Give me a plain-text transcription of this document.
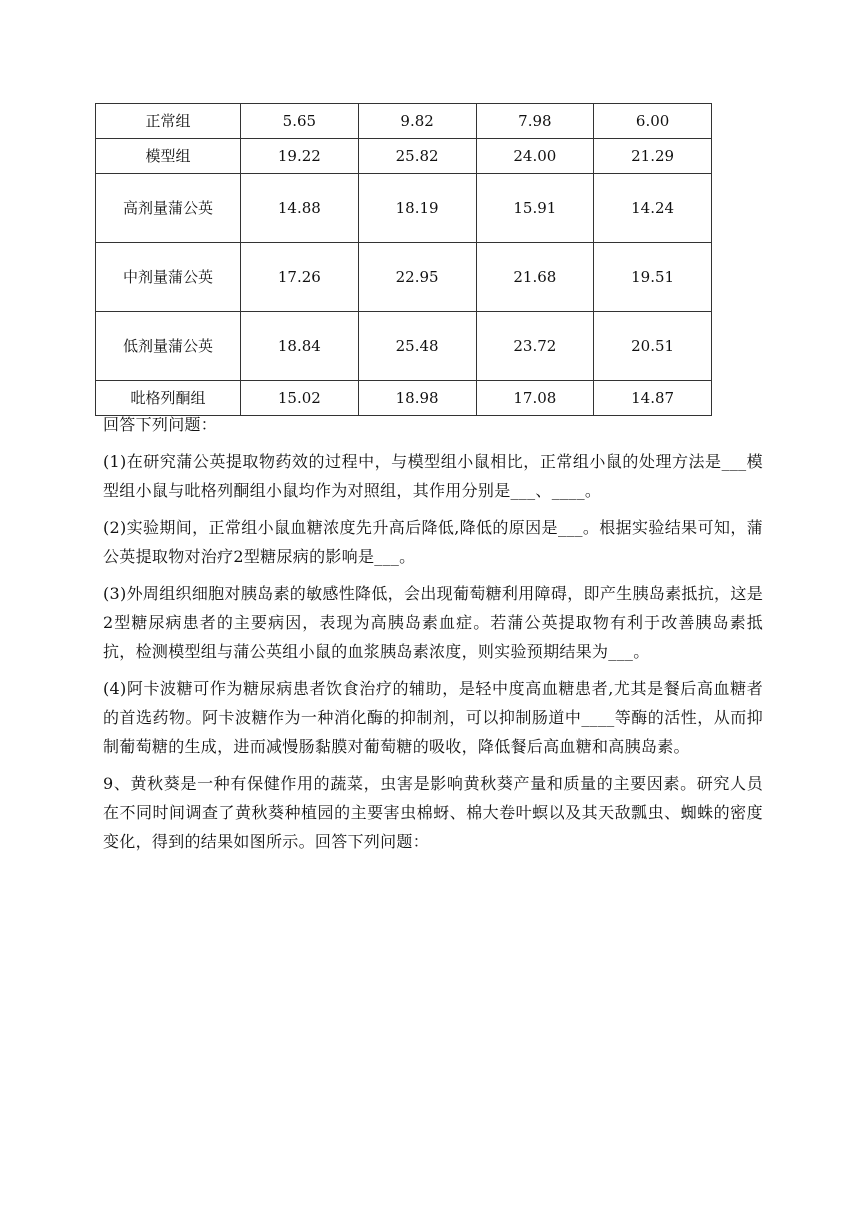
正常组	5.65	9.82	7.98	6.00
模型组	19.22	25.82	24.00	21.29
高剂量蒲公英	14.88	18.19	15.91	14.24
中剂量蒲公英	17.26	22.95	21.68	19.51
低剂量蒲公英	18.84	25.48	23.72	20.51
吡格列酮组	15.02	18.98	17.08	14.87

回答下列问题：

(1)在研究蒲公英提取物药效的过程中，与模型组小鼠相比，正常组小鼠的处理方法是___模型组小鼠与吡格列酮组小鼠均作为对照组，其作用分别是___、____。

(2)实验期间，正常组小鼠血糖浓度先升高后降低,降低的原因是___。根据实验结果可知，蒲公英提取物对治疗2型糖尿病的影响是___。

(3)外周组织细胞对胰岛素的敏感性降低，会出现葡萄糖利用障碍，即产生胰岛素抵抗，这是2型糖尿病患者的主要病因，表现为高胰岛素血症。若蒲公英提取物有利于改善胰岛素抵抗，检测模型组与蒲公英组小鼠的血浆胰岛素浓度，则实验预期结果为___。

(4)阿卡波糖可作为糖尿病患者饮食治疗的辅助，是轻中度高血糖患者,尤其是餐后高血糖者的首选药物。阿卡波糖作为一种消化酶的抑制剂，可以抑制肠道中____等酶的活性，从而抑制葡萄糖的生成，进而减慢肠黏膜对葡萄糖的吸收，降低餐后高血糖和高胰岛素。

9、黄秋葵是一种有保健作用的蔬菜，虫害是影响黄秋葵产量和质量的主要因素。研究人员在不同时间调查了黄秋葵种植园的主要害虫棉蚜、棉大卷叶螟以及其天敌瓢虫、蜘蛛的密度变化，得到的结果如图所示。回答下列问题：
